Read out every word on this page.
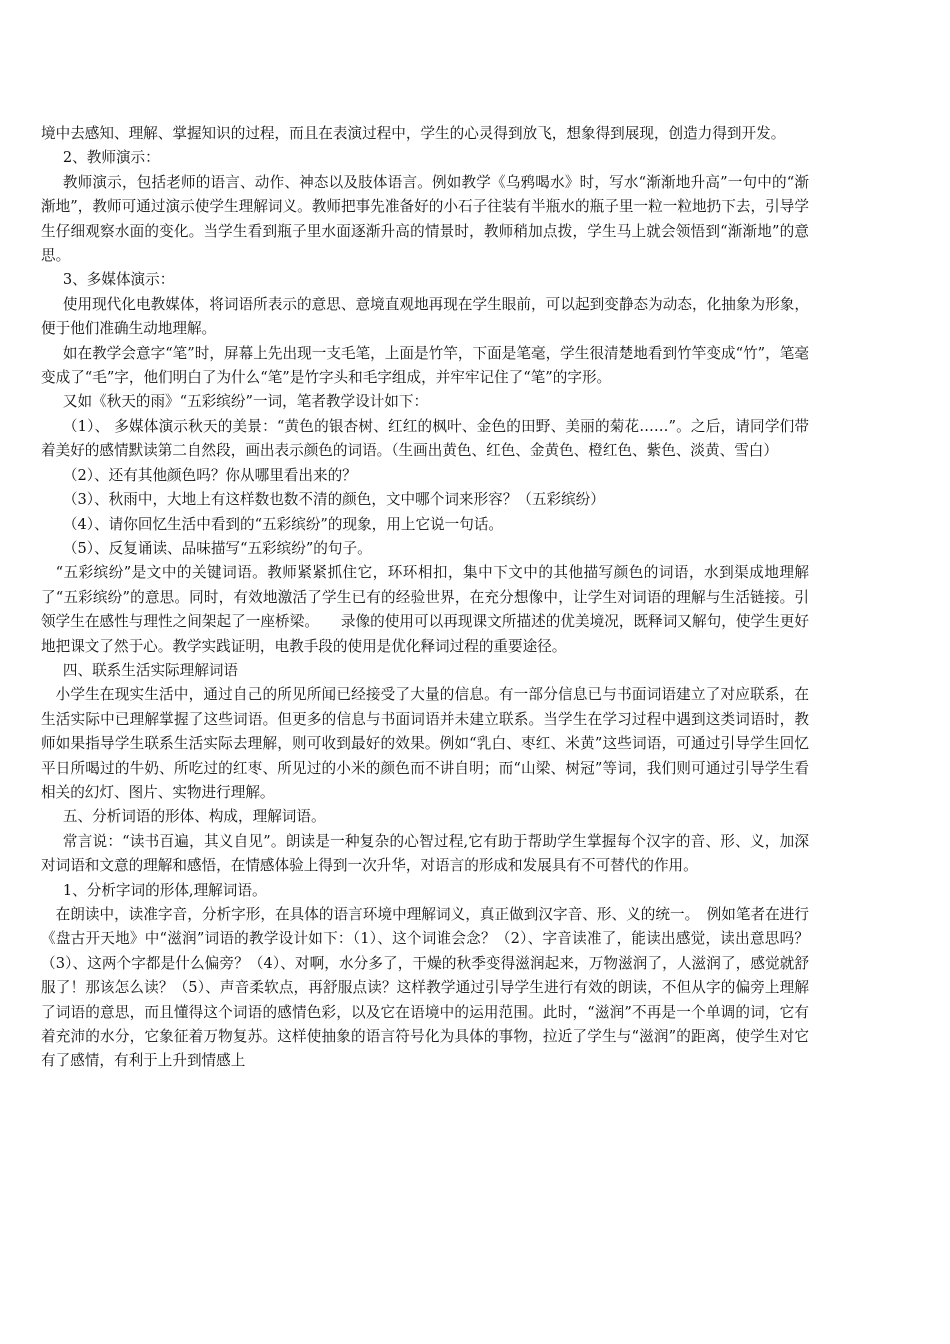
境中去感知、理解、掌握知识的过程，而且在表演过程中，学生的心灵得到放飞，想象得到展现，创造力得到开发。

2、教师演示：

教师演示，包括老师的语言、动作、神态以及肢体语言。例如教学《乌鸦喝水》时，写水“渐渐地升高”一句中的“渐渐地”，教师可通过演示使学生理解词义。教师把事先准备好的小石子往装有半瓶水的瓶子里一粒一粒地扔下去，引导学生仔细观察水面的变化。当学生看到瓶子里水面逐渐升高的情景时，教师稍加点拨，学生马上就会领悟到“渐渐地”的意思。

3、多媒体演示：

使用现代化电教媒体，将词语所表示的意思、意境直观地再现在学生眼前，可以起到变静态为动态，化抽象为形象，便于他们准确生动地理解。

如在教学会意字“笔”时，屏幕上先出现一支毛笔，上面是竹竿，下面是笔毫，学生很清楚地看到竹竿变成“竹”，笔毫变成了“毛”字，他们明白了为什么“笔”是竹字头和毛字组成，并牢牢记住了“笔”的字形。

又如《秋天的雨》“五彩缤纷”一词，笔者教学设计如下：

（1）、 多媒体演示秋天的美景：“黄色的银杏树、红红的枫叶、金色的田野、美丽的菊花……”。之后，请同学们带着美好的感情默读第二自然段，画出表示颜色的词语。（生画出黄色、红色、金黄色、橙红色、紫色、淡黄、雪白）

（2）、还有其他颜色吗？你从哪里看出来的？

（3）、秋雨中，大地上有这样数也数不清的颜色，文中哪个词来形容？（五彩缤纷）

（4）、请你回忆生活中看到的“五彩缤纷”的现象，用上它说一句话。

（5）、反复诵读、品味描写“五彩缤纷”的句子。

“五彩缤纷”是文中的关键词语。教师紧紧抓住它，环环相扣，集中下文中的其他描写颜色的词语，水到渠成地理解了“五彩缤纷”的意思。同时，有效地激活了学生已有的经验世界，在充分想像中，让学生对词语的理解与生活链接。引领学生在感性与理性之间架起了一座桥梁。　　录像的使用可以再现课文所描述的优美境况，既释词又解句，使学生更好地把课文了然于心。教学实践证明，电教手段的使用是优化释词过程的重要途径。

四、联系生活实际理解词语

小学生在现实生活中，通过自己的所见所闻已经接受了大量的信息。有一部分信息已与书面词语建立了对应联系，在生活实际中已理解掌握了这些词语。但更多的信息与书面词语并未建立联系。当学生在学习过程中遇到这类词语时，教师如果指导学生联系生活实际去理解，则可收到最好的效果。例如“乳白、枣红、米黄”这些词语，可通过引导学生回忆平日所喝过的牛奶、所吃过的红枣、所见过的小米的颜色而不讲自明；而“山梁、树冠”等词，我们则可通过引导学生看相关的幻灯、图片、实物进行理解。

五、分析词语的形体、构成，理解词语。

常言说：“读书百遍，其义自见”。朗读是一种复杂的心智过程,它有助于帮助学生掌握每个汉字的音、形、义，加深对词语和文意的理解和感悟，在情感体验上得到一次升华，对语言的形成和发展具有不可替代的作用。

1、分析字词的形体,理解词语。

在朗读中，读准字音，分析字形，在具体的语言环境中理解词义，真正做到汉字音、形、义的统一。　例如笔者在进行《盘古开天地》中“滋润”词语的教学设计如下：（1）、这个词谁会念？（2）、字音读准了，能读出感觉，读出意思吗？（3）、这两个字都是什么偏旁？（4）、对啊，水分多了，干燥的秋季变得滋润起来，万物滋润了，人滋润了，感觉就舒服了！那该怎么读？（5）、声音柔软点，再舒服点读？这样教学通过引导学生进行有效的朗读，不但从字的偏旁上理解了词语的意思，而且懂得这个词语的感情色彩，以及它在语境中的运用范围。此时，“滋润”不再是一个单调的词，它有着充沛的水分，它象征着万物复苏。这样使抽象的语言符号化为具体的事物，拉近了学生与“滋润”的距离，使学生对它有了感情，有利于上升到情感上
